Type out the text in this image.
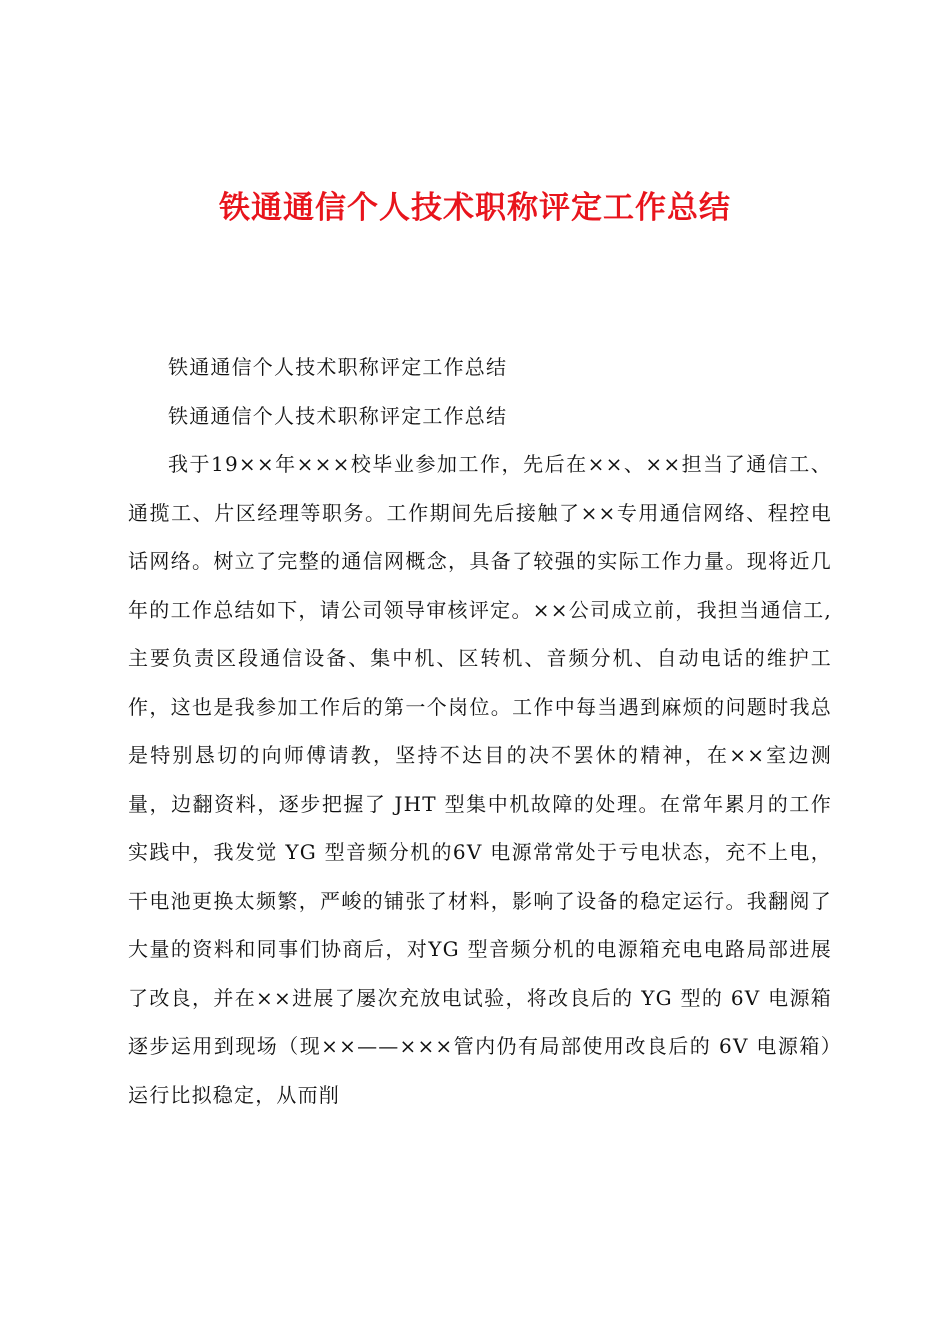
铁通通信个人技术职称评定工作总结

铁通通信个人技术职称评定工作总结

铁通通信个人技术职称评定工作总结

我于19××年×××校毕业参加工作，先后在××、××担当了通信工、通揽工、片区经理等职务。工作期间先后接触了××专用通信网络、程控电话网络。树立了完整的通信网概念，具备了较强的实际工作力量。现将近几年的工作总结如下，请公司领导审核评定。××公司成立前，我担当通信工,主要负责区段通信设备、集中机、区转机、音频分机、自动电话的维护工作，这也是我参加工作后的第一个岗位。工作中每当遇到麻烦的问题时我总是特别恳切的向师傅请教，坚持不达目的决不罢休的精神，在××室边测量，边翻资料，逐步把握了 JHT 型集中机故障的处理。在常年累月的工作实践中，我发觉 YG 型音频分机的6V 电源常常处于亏电状态，充不上电，干电池更换太频繁，严峻的铺张了材料，影响了设备的稳定运行。我翻阅了大量的资料和同事们协商后，对YG 型音频分机的电源箱充电电路局部进展了改良，并在××进展了屡次充放电试验，将改良后的 YG 型的 6V 电源箱逐步运用到现场（现××——×××管内仍有局部使用改良后的 6V 电源箱）运行比拟稳定，从而削
